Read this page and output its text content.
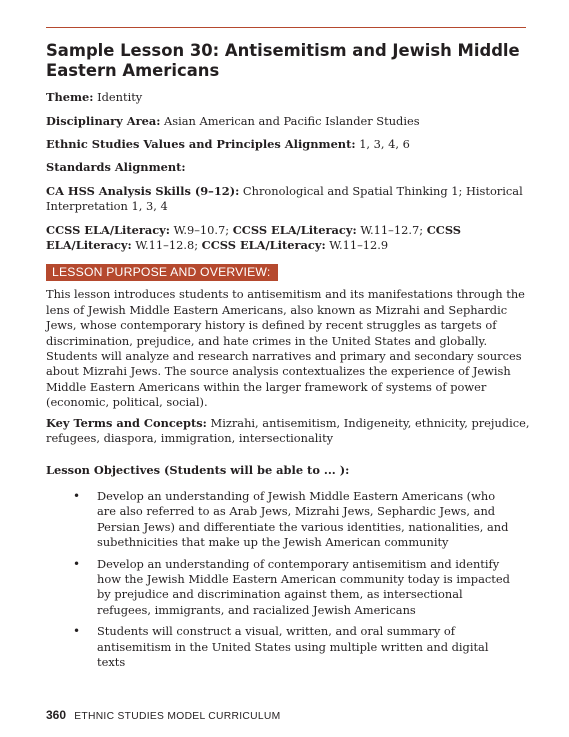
Sample Lesson 30: Antisemitism and Jewish Middle Eastern Americans

Theme: Identity

Disciplinary Area: Asian American and Pacific Islander Studies

Ethnic Studies Values and Principles Alignment: 1, 3, 4, 6

Standards Alignment:

CA HSS Analysis Skills (9–12): Chronological and Spatial Thinking 1; Historical Interpretation 1, 3, 4

CCSS ELA/Literacy: W.9–10.7; CCSS ELA/Literacy: W.11–12.7; CCSS ELA/Literacy: W.11–12.8; CCSS ELA/Literacy: W.11–12.9

LESSON PURPOSE AND OVERVIEW:

This lesson introduces students to antisemitism and its manifestations through the lens of Jewish Middle Eastern Americans, also known as Mizrahi and Sephardic Jews, whose contemporary history is defined by recent struggles as targets of discrimination, prejudice, and hate crimes in the United States and globally. Students will analyze and research narratives and primary and secondary sources about Mizrahi Jews. The source analysis contextualizes the experience of Jewish Middle Eastern Americans within the larger framework of systems of power (economic, political, social).

Key Terms and Concepts: Mizrahi, antisemitism, Indigeneity, ethnicity, prejudice, refugees, diaspora, immigration, intersectionality

Lesson Objectives (Students will be able to ... ):

• Develop an understanding of Jewish Middle Eastern Americans (who are also referred to as Arab Jews, Mizrahi Jews, Sephardic Jews, and Persian Jews) and differentiate the various identities, nationalities, and subethnicities that make up the Jewish American community
• Develop an understanding of contemporary antisemitism and identify how the Jewish Middle Eastern American community today is impacted by prejudice and discrimination against them, as intersectional refugees, immigrants, and racialized Jewish Americans
• Students will construct a visual, written, and oral summary of antisemitism in the United States using multiple written and digital texts
360 ETHNIC STUDIES MODEL CURRICULUM
